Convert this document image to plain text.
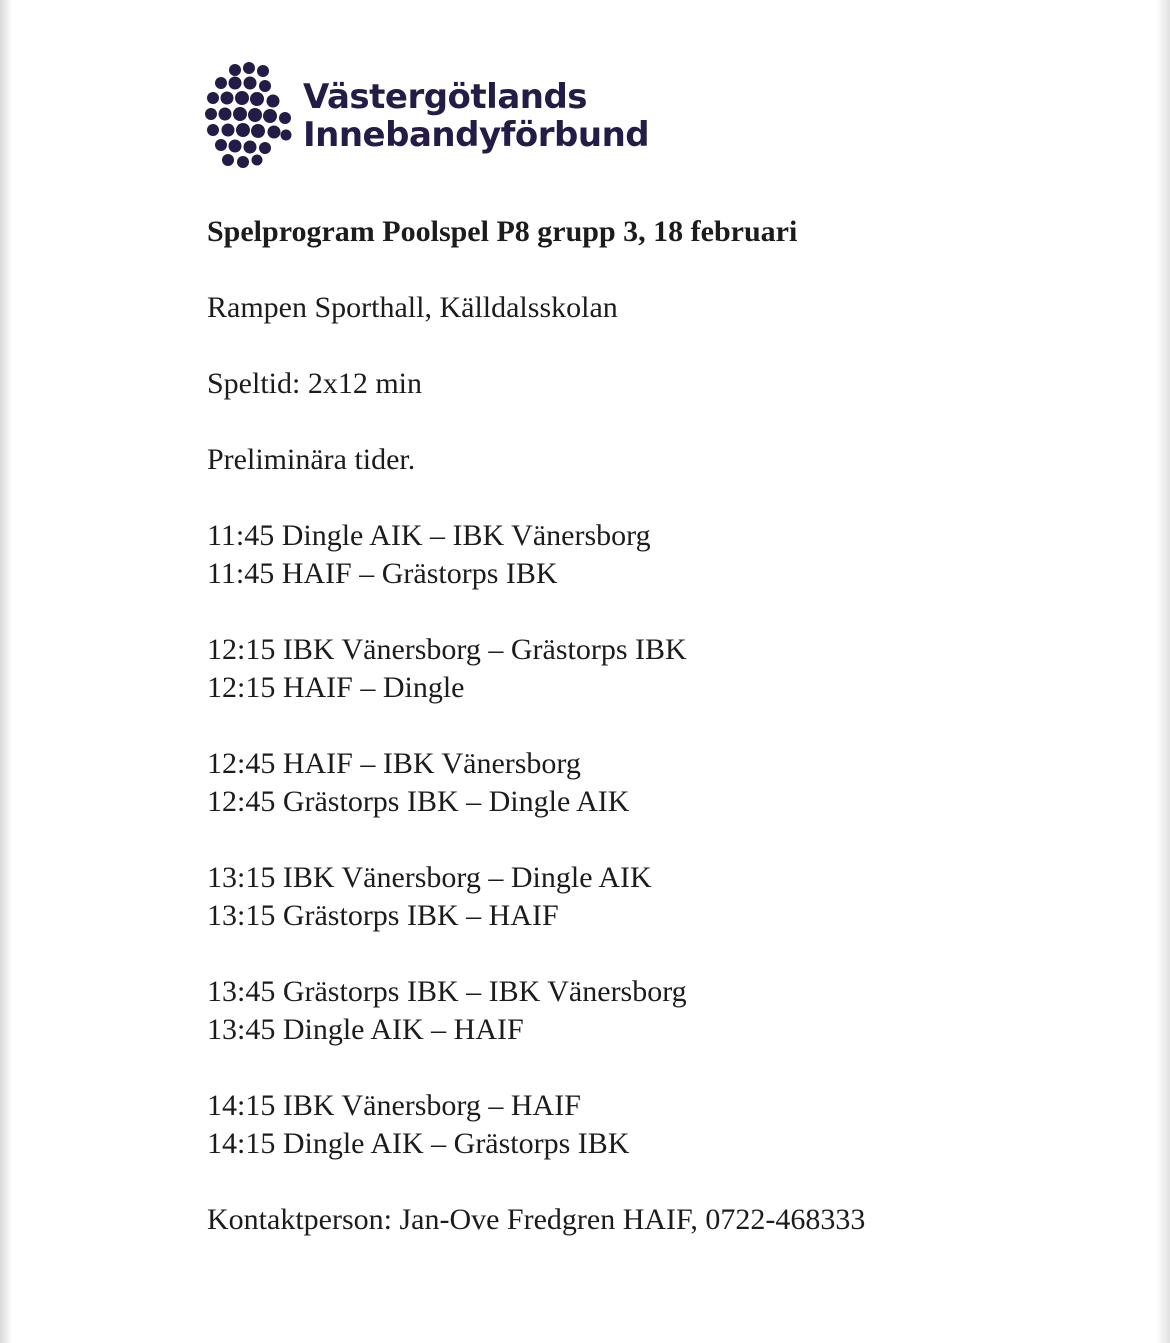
Västergötlands
Innebandyförbund

Spelprogram Poolspel P8 grupp 3, 18 februari

Rampen Sporthall, Källdalsskolan

Speltid: 2x12 min

Preliminära tider.

11:45 Dingle AIK – IBK Vänersborg

11:45 HAIF – Grästorps IBK

12:15 IBK Vänersborg – Grästorps IBK

12:15 HAIF – Dingle

12:45 HAIF – IBK Vänersborg

12:45 Grästorps IBK – Dingle AIK

13:15 IBK Vänersborg – Dingle AIK

13:15 Grästorps IBK – HAIF

13:45 Grästorps IBK – IBK Vänersborg

13:45 Dingle AIK – HAIF

14:15 IBK Vänersborg – HAIF

14:15 Dingle AIK – Grästorps IBK

Kontaktperson: Jan-Ove Fredgren HAIF, 0722-468333
